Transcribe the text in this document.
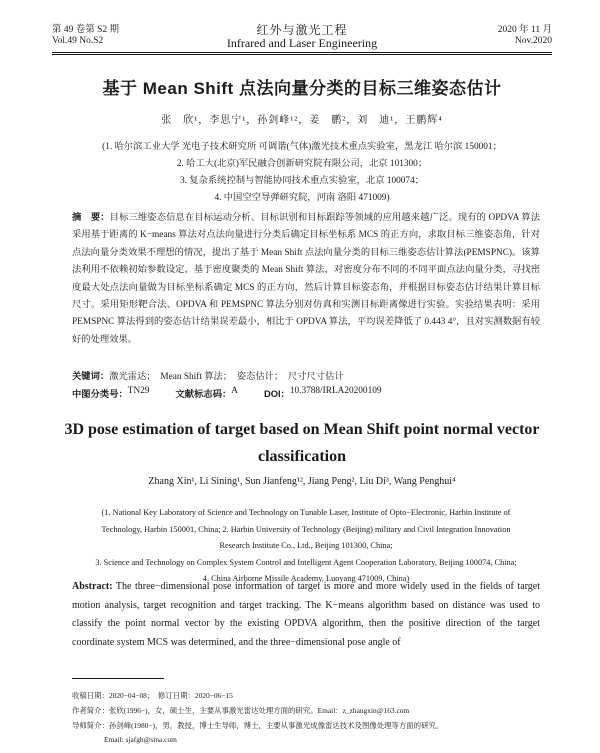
第 49 卷第 S2 期	2020 年 11 月
红外与激光工程
Vol.49 No.S2	Nov.2020
Infrared and Laser Engineering
基于 Mean Shift 点法向量分类的目标三维姿态估计
张　欣¹，李思宁¹，孙剑峰¹²，姜　鹏²，刘　迪¹，王鹏辉⁴
(1. 哈尔滨工业大学 光电子技术研究所 可调谐(气体)激光技术重点实验室，黑龙江 哈尔滨 150001；
2. 哈工大(北京)军民融合创新研究院有限公司，北京 101300；
3. 复杂系统控制与智能协同技术重点实验室，北京 100074；
4. 中国空空导弹研究院，河南 洛阳 471009)
摘　要：目标三维姿态信息在目标运动分析、目标识别和目标跟踪等领域的应用越来越广泛。现有的 OPDVA 算法采用基于距离的 K−means 算法对点法向量进行分类后确定目标坐标系 MCS 的正方向，求取目标三维姿态角，针对点法向量分类效果不理想的情况，提出了基于 Mean Shift 点法向量分类的目标三维姿态估计算法(PEMSPNC)。该算法利用不依赖初始参数设定、基于密度聚类的 Mean Shift 算法，对密度分布不同的不同平面点法向量分类，寻找密度最大处点法向量做为目标坐标系确定 MCS 的正方向，然后计算目标姿态角，并根据目标姿态估计结果计算目标尺寸。采用矩形靶合法、OPDVA 和 PEMSPNC 算法分别对仿真和实测目标距离像进行实验。实验结果表明：采用 PEMSPNC 算法得到的姿态估计结果误差最小，相比于 OPDVA 算法，平均误差降低了 0.443 4°，且对实测数据有较好的处理效果。
关键词：激光雷达；　Mean Shift 算法；　姿态估计；　尺寸尺寸估计
中图分类号： TN29	文献标志码： A	DOI： 10.3788/IRLA20200109
3D pose estimation of target based on Mean Shift point normal vector classification
Zhang Xin¹, Li Sining¹, Sun Jianfeng¹², Jiang Peng², Liu Di³, Wang Penghui⁴
(1. National Key Laboratory of Science and Technology on Tunable Laser, Institute of Opto−Electronic, Harbin Institute of
Technology, Harbin 150001, China; 2. Harbin University of Technology (Beijing) military and Civil Integration Innovation
Research Institute Co., Ltd., Beijing 101300, China;
3. Science and Technology on Complex System Control and Intelligent Agent Cooperation Laboratory, Beijing 100074, China;
4. China Airborne Missile Academy, Luoyang 471009, China)
Abstract: The three−dimensional pose information of target is more and more widely used in the fields of target motion analysis, target recognition and target tracking. The K−means algorithm based on distance was used to classify the point normal vector by the existing OPDVA algorithm, then the positive direction of the target coordinate system MCS was determined, and the three−dimensional pose angle of
收稿日期：2020−04−08；　修订日期：2020−06−15
作者简介：张欣(1996−)，女，硕士生，主要从事激光雷达处理方面的研究。Email：z_zhangxin@163.com
导师简介：孙剑峰(1980−)，男，教授，博士生导师，博士，主要从事激光成像雷达技术及图像处理等方面的研究。
Email: sjafgh@sina.com
